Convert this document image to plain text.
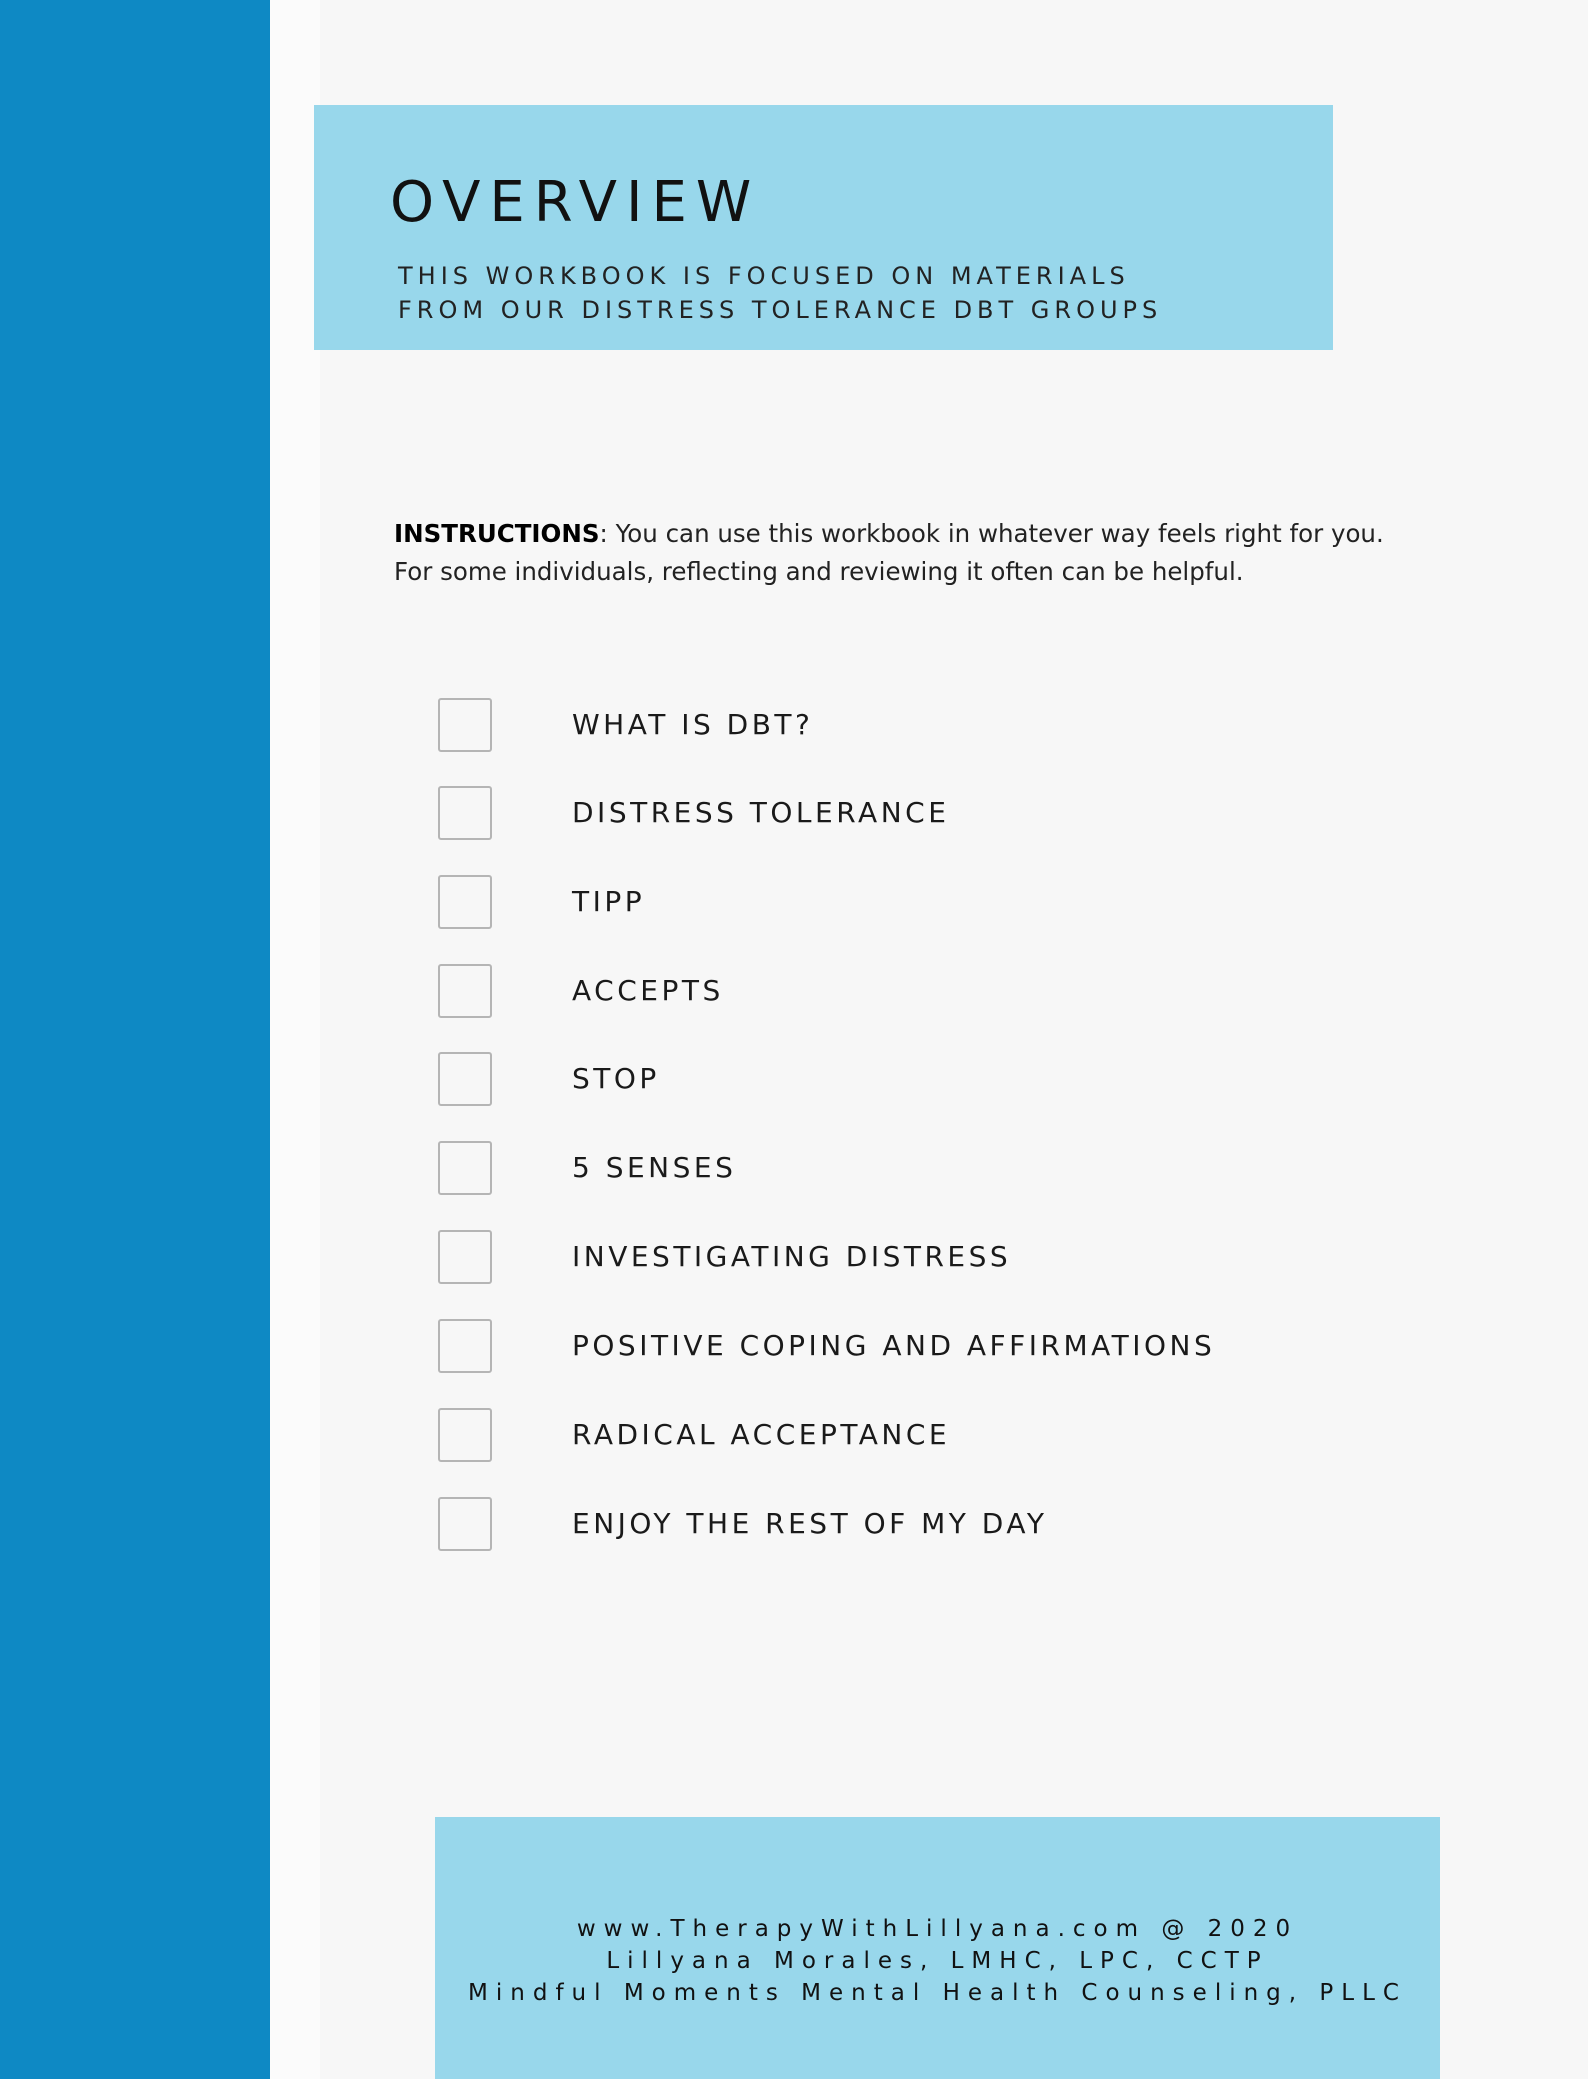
OVERVIEW
THIS WORKBOOK IS FOCUSED ON MATERIALS
FROM OUR DISTRESS TOLERANCE DBT GROUPS

INSTRUCTIONS: You can use this workbook in whatever way feels right for you. For some individuals, reflecting and reviewing it often can be helpful.

WHAT IS DBT?
DISTRESS TOLERANCE
TIPP
ACCEPTS
STOP
5 SENSES
INVESTIGATING DISTRESS
POSITIVE COPING AND AFFIRMATIONS
RADICAL ACCEPTANCE
ENJOY THE REST OF MY DAY
www.TherapyWithLillyana.com @ 2020
Lillyana Morales, LMHC, LPC, CCTP
Mindful Moments Mental Health Counseling, PLLC
